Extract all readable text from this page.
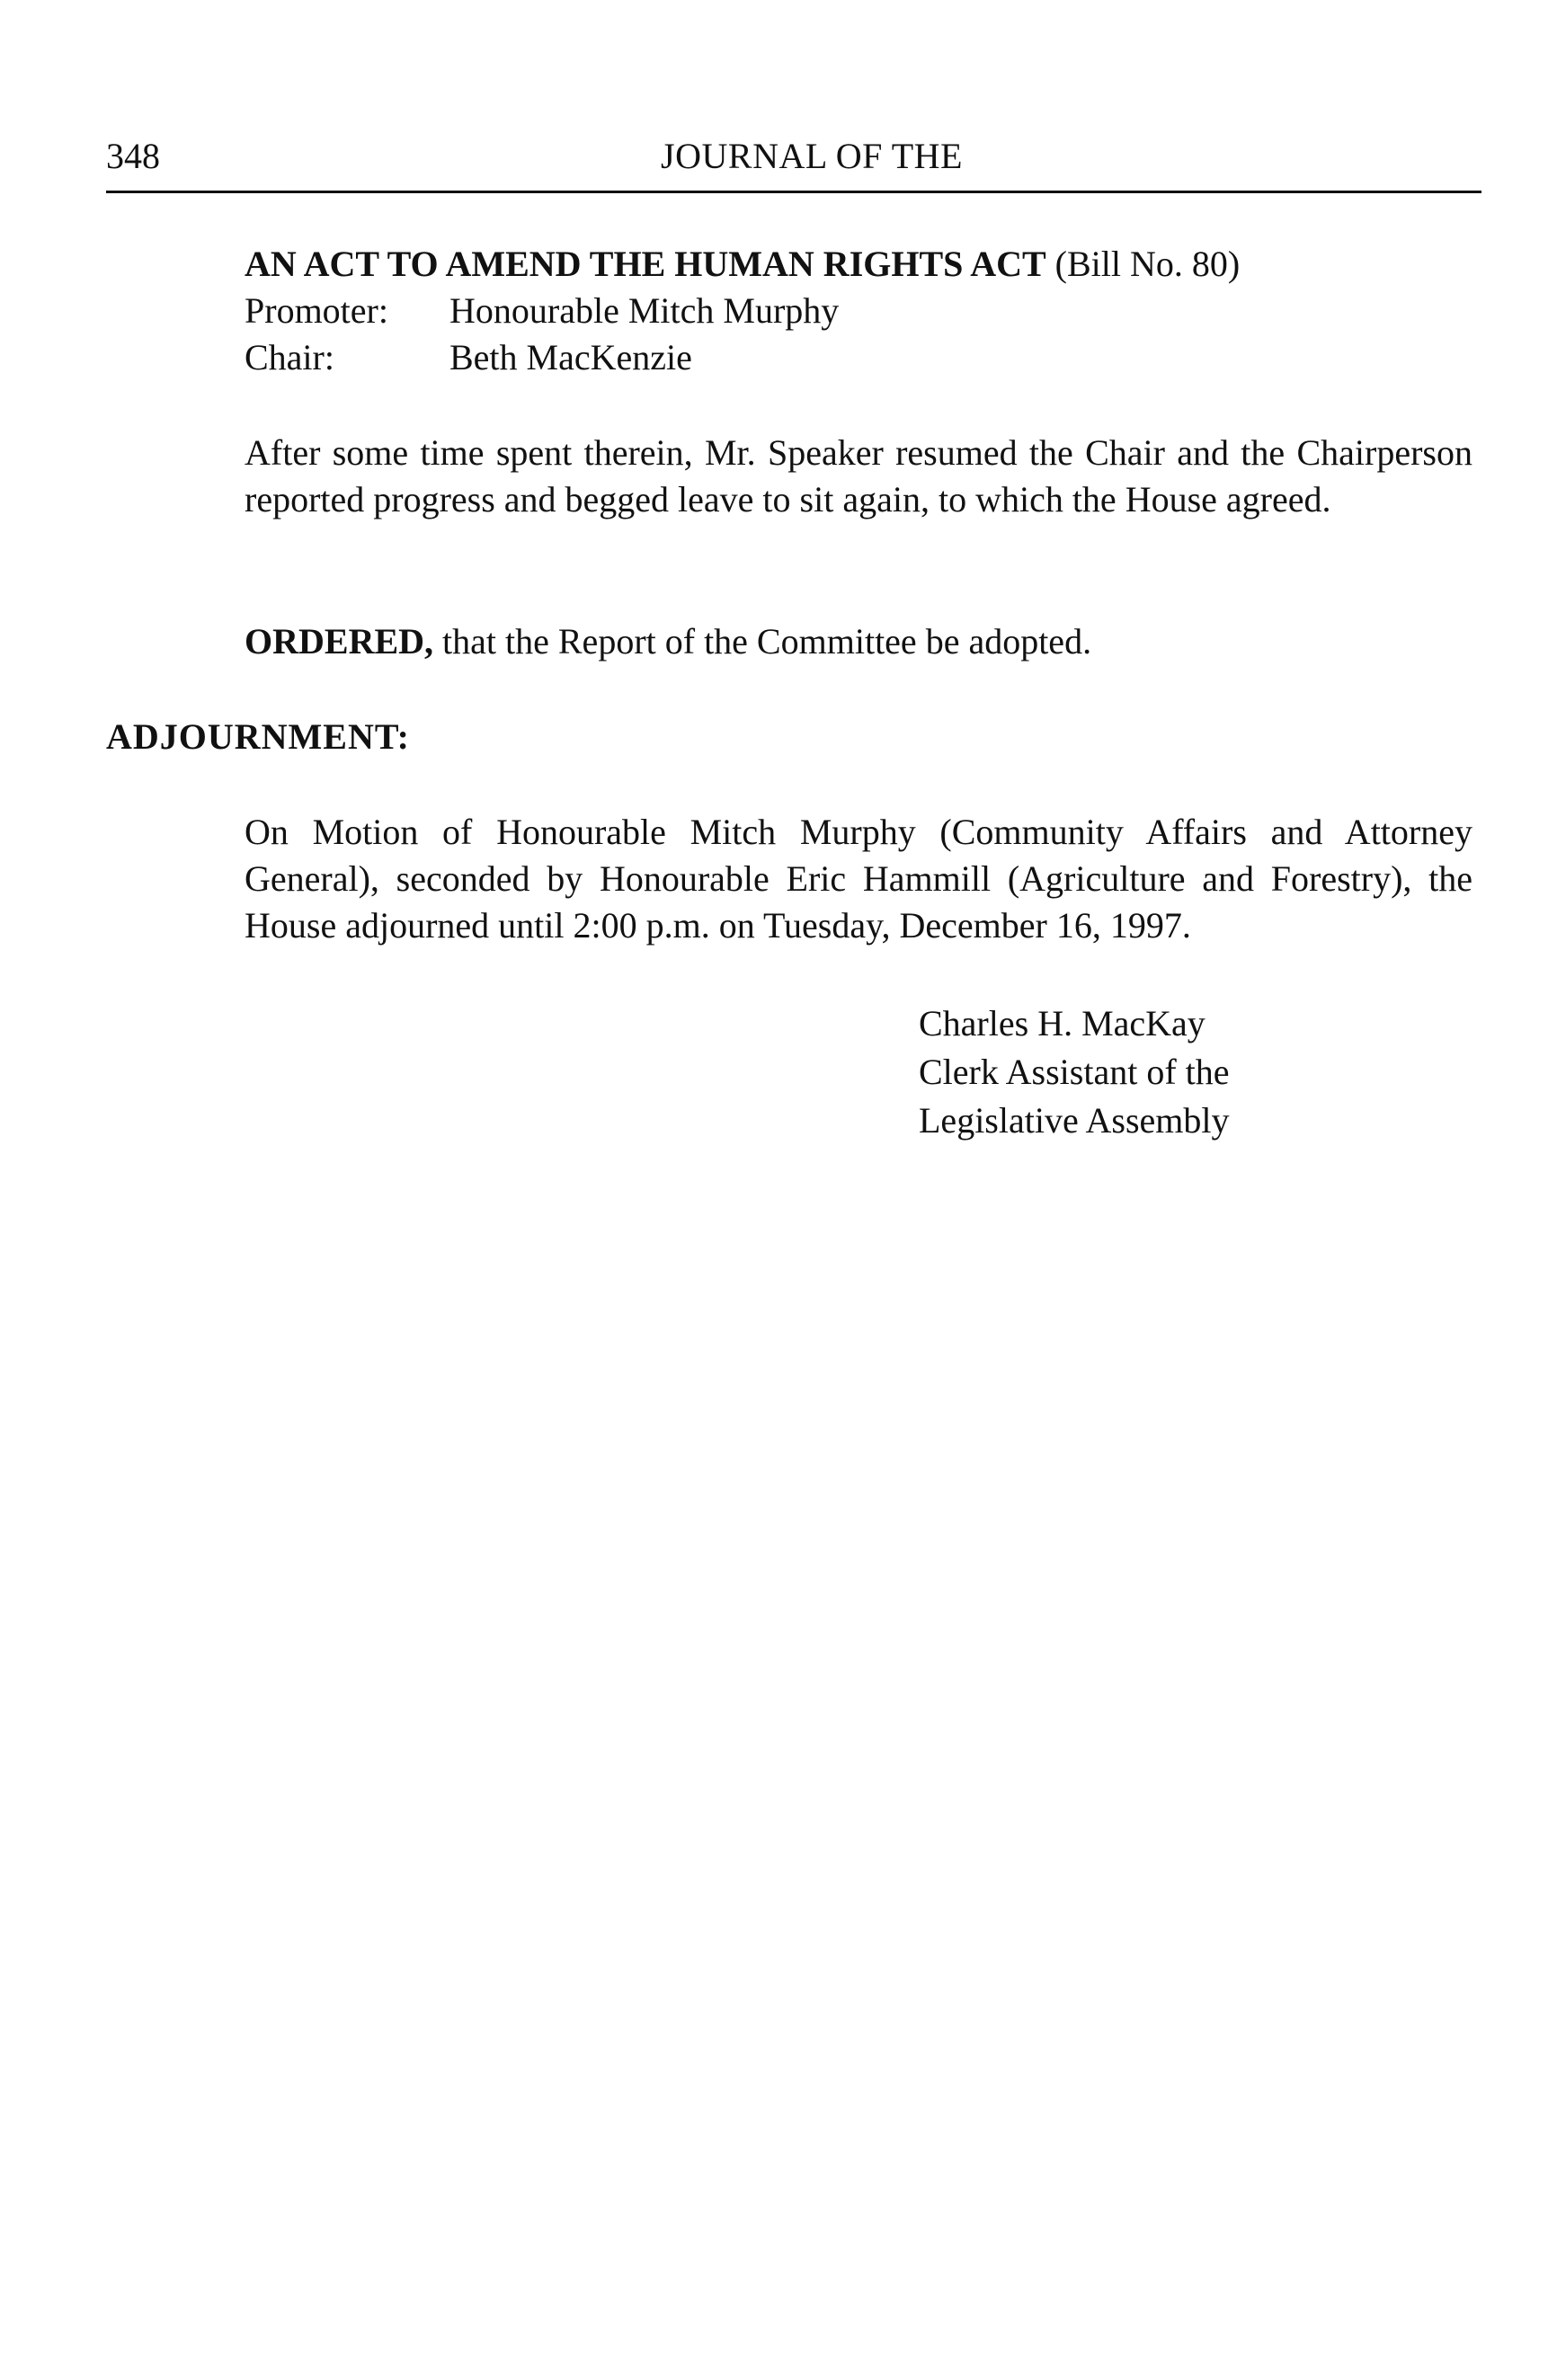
348	JOURNAL OF THE
AN ACT TO AMEND THE HUMAN RIGHTS ACT (Bill No. 80)
Promoter: Honourable Mitch Murphy
Chair:	Beth MacKenzie
After some time spent therein, Mr. Speaker resumed the Chair and the Chairperson reported progress and begged leave to sit again, to which the House agreed.
ORDERED, that the Report of the Committee be adopted.
ADJOURNMENT:
On Motion of Honourable Mitch Murphy (Community Affairs and Attorney General), seconded by Honourable Eric Hammill (Agriculture and Forestry), the House adjourned until 2:00 p.m. on Tuesday, December 16, 1997.
Charles H. MacKay
Clerk Assistant of the
Legislative Assembly
